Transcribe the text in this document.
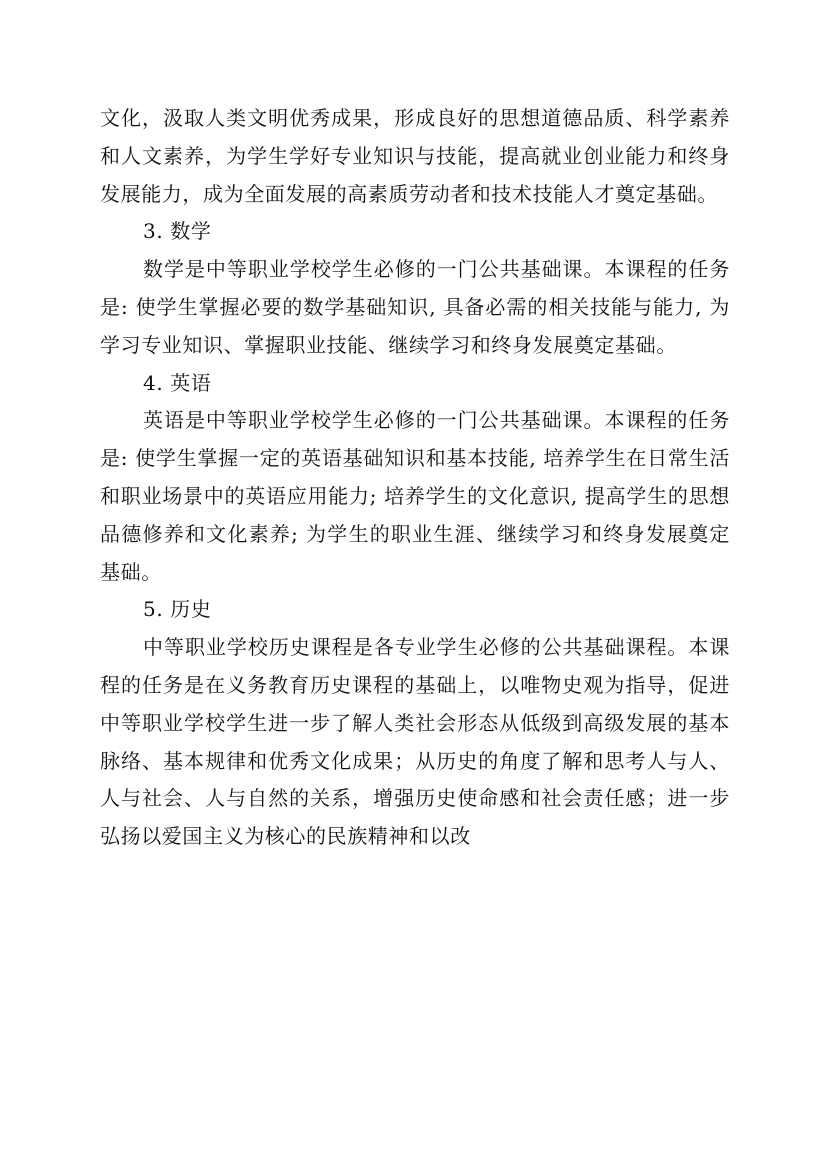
文化，汲取人类文明优秀成果，形成良好的思想道德品质、科学素养和人文素养，为学生学好专业知识与技能，提高就业创业能力和终身发展能力，成为全面发展的高素质劳动者和技术技能人才奠定基础。

3. 数学

数学是中等职业学校学生必修的一门公共基础课。本课程的任务是: 使学生掌握必要的数学基础知识, 具备必需的相关技能与能力, 为学习专业知识、掌握职业技能、继续学习和终身发展奠定基础。

4. 英语

英语是中等职业学校学生必修的一门公共基础课。本课程的任务是: 使学生掌握一定的英语基础知识和基本技能, 培养学生在日常生活和职业场景中的英语应用能力; 培养学生的文化意识, 提高学生的思想品德修养和文化素养; 为学生的职业生涯、继续学习和终身发展奠定基础。

5. 历史

中等职业学校历史课程是各专业学生必修的公共基础课程。本课程的任务是在义务教育历史课程的基础上，以唯物史观为指导，促进中等职业学校学生进一步了解人类社会形态从低级到高级发展的基本脉络、基本规律和优秀文化成果；从历史的角度了解和思考人与人、人与社会、人与自然的关系，增强历史使命感和社会责任感；进一步弘扬以爱国主义为核心的民族精神和以改
